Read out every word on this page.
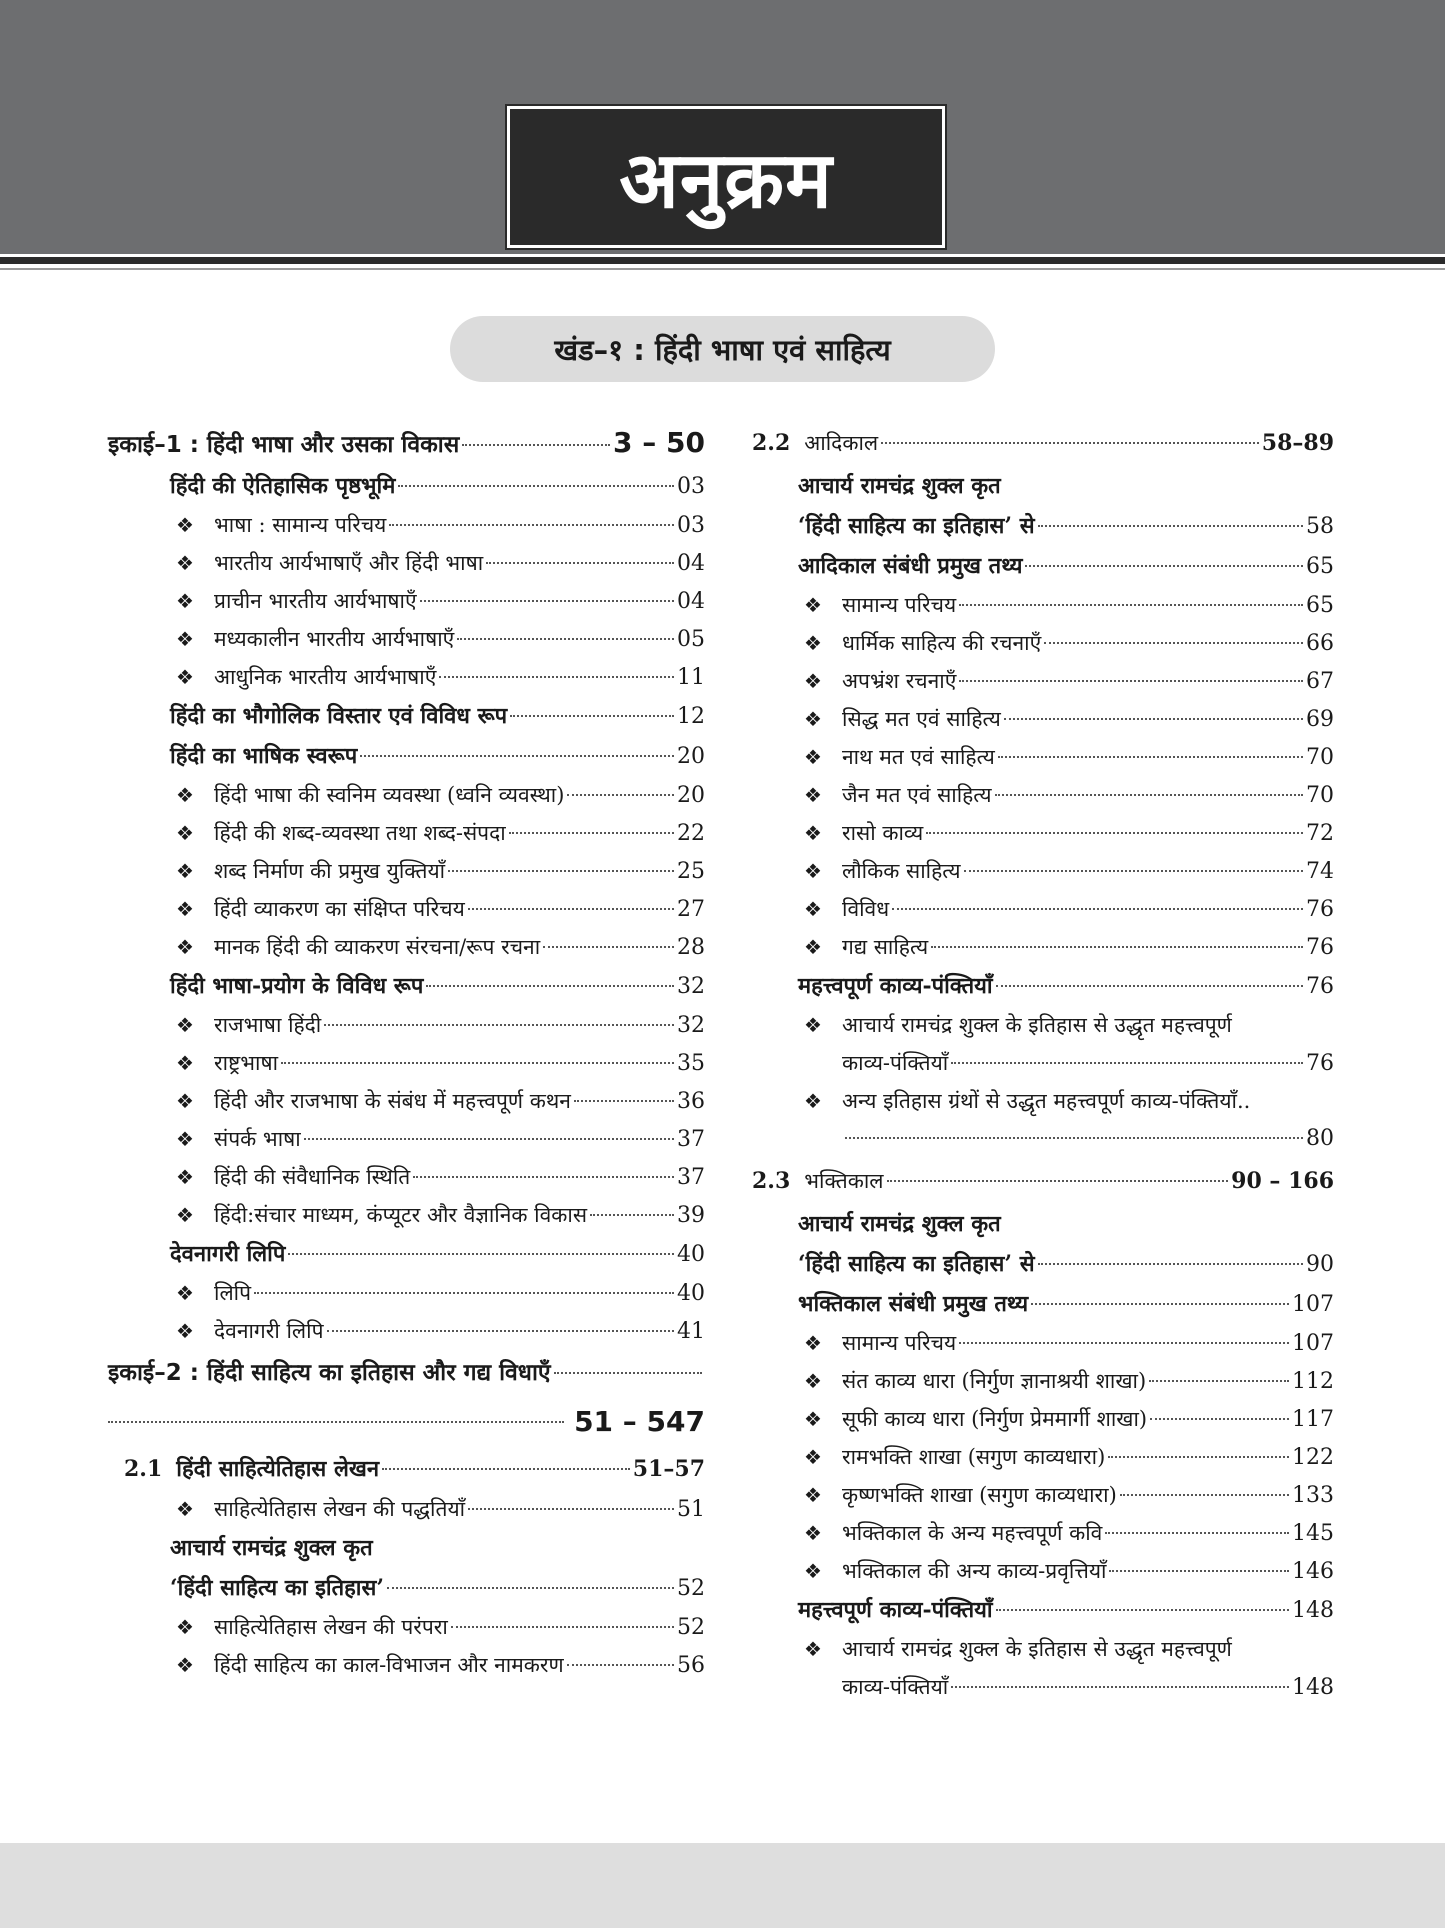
अनुक्रम
खंड–१ : हिंदी भाषा एवं साहित्य
इकाई–1 : हिंदी भाषा और उसका विकास	3 – 50
हिंदी की ऐतिहासिक पृष्ठभूमि	03
❖ भाषा : सामान्य परिचय	03
❖ भारतीय आर्यभाषाएँ और हिंदी भाषा	04
❖ प्राचीन भारतीय आर्यभाषाएँ	04
❖ मध्यकालीन भारतीय आर्यभाषाएँ	05
❖ आधुनिक भारतीय आर्यभाषाएँ	11
हिंदी का भौगोलिक विस्तार एवं विविध रूप	12
हिंदी का भाषिक स्वरूप	20
❖ हिंदी भाषा की स्वनिम व्यवस्था (ध्वनि व्यवस्था)	20
❖ हिंदी की शब्द-व्यवस्था तथा शब्द-संपदा	22
❖ शब्द निर्माण की प्रमुख युक्तियाँ	25
❖ हिंदी व्याकरण का संक्षिप्त परिचय	27
❖ मानक हिंदी की व्याकरण संरचना/रूप रचना	28
हिंदी भाषा-प्रयोग के विविध रूप	32
❖ राजभाषा हिंदी	32
❖ राष्ट्रभाषा	35
❖ हिंदी और राजभाषा के संबंध में महत्त्वपूर्ण कथन	36
❖ संपर्क भाषा	37
❖ हिंदी की संवैधानिक स्थिति	37
❖ हिंदी:संचार माध्यम, कंप्यूटर और वैज्ञानिक विकास	39
देवनागरी लिपि	40
❖ लिपि	40
❖ देवनागरी लिपि	41
इकाई–2 : हिंदी साहित्य का इतिहास और गद्य विधाएँ
51 – 547
2.1 हिंदी साहित्येतिहास लेखन	51–57
❖ साहित्येतिहास लेखन की पद्धतियाँ	51
आचार्य रामचंद्र शुक्ल कृत
‘हिंदी साहित्य का इतिहास’	52
❖ साहित्येतिहास लेखन की परंपरा	52
❖ हिंदी साहित्य का काल-विभाजन और नामकरण	56
2.2 आदिकाल	58–89
आचार्य रामचंद्र शुक्ल कृत
‘हिंदी साहित्य का इतिहास’ से	58
आदिकाल संबंधी प्रमुख तथ्य	65
❖ सामान्य परिचय	65
❖ धार्मिक साहित्य की रचनाएँ	66
❖ अपभ्रंश रचनाएँ	67
❖ सिद्ध मत एवं साहित्य	69
❖ नाथ मत एवं साहित्य	70
❖ जैन मत एवं साहित्य	70
❖ रासो काव्य	72
❖ लौकिक साहित्य	74
❖ विविध	76
❖ गद्य साहित्य	76
महत्त्वपूर्ण काव्य-पंक्तियाँ	76
❖ आचार्य रामचंद्र शुक्ल के इतिहास से उद्धृत महत्त्वपूर्ण
काव्य-पंक्तियाँ	76
❖ अन्य इतिहास ग्रंथों से उद्धृत महत्त्वपूर्ण काव्य-पंक्तियाँ..
80
2.3 भक्तिकाल	90 – 166
आचार्य रामचंद्र शुक्ल कृत
‘हिंदी साहित्य का इतिहास’ से	90
भक्तिकाल संबंधी प्रमुख तथ्य	107
❖ सामान्य परिचय	107
❖ संत काव्य धारा (निर्गुण ज्ञानाश्रयी शाखा)	112
❖ सूफी काव्य धारा (निर्गुण प्रेममार्गी शाखा)	117
❖ रामभक्ति शाखा (सगुण काव्यधारा)	122
❖ कृष्णभक्ति शाखा (सगुण काव्यधारा)	133
❖ भक्तिकाल के अन्य महत्त्वपूर्ण कवि	145
❖ भक्तिकाल की अन्य काव्य-प्रवृत्तियाँ	146
महत्त्वपूर्ण काव्य-पंक्तियाँ	148
❖ आचार्य रामचंद्र शुक्ल के इतिहास से उद्धृत महत्त्वपूर्ण
काव्य-पंक्तियाँ	148
